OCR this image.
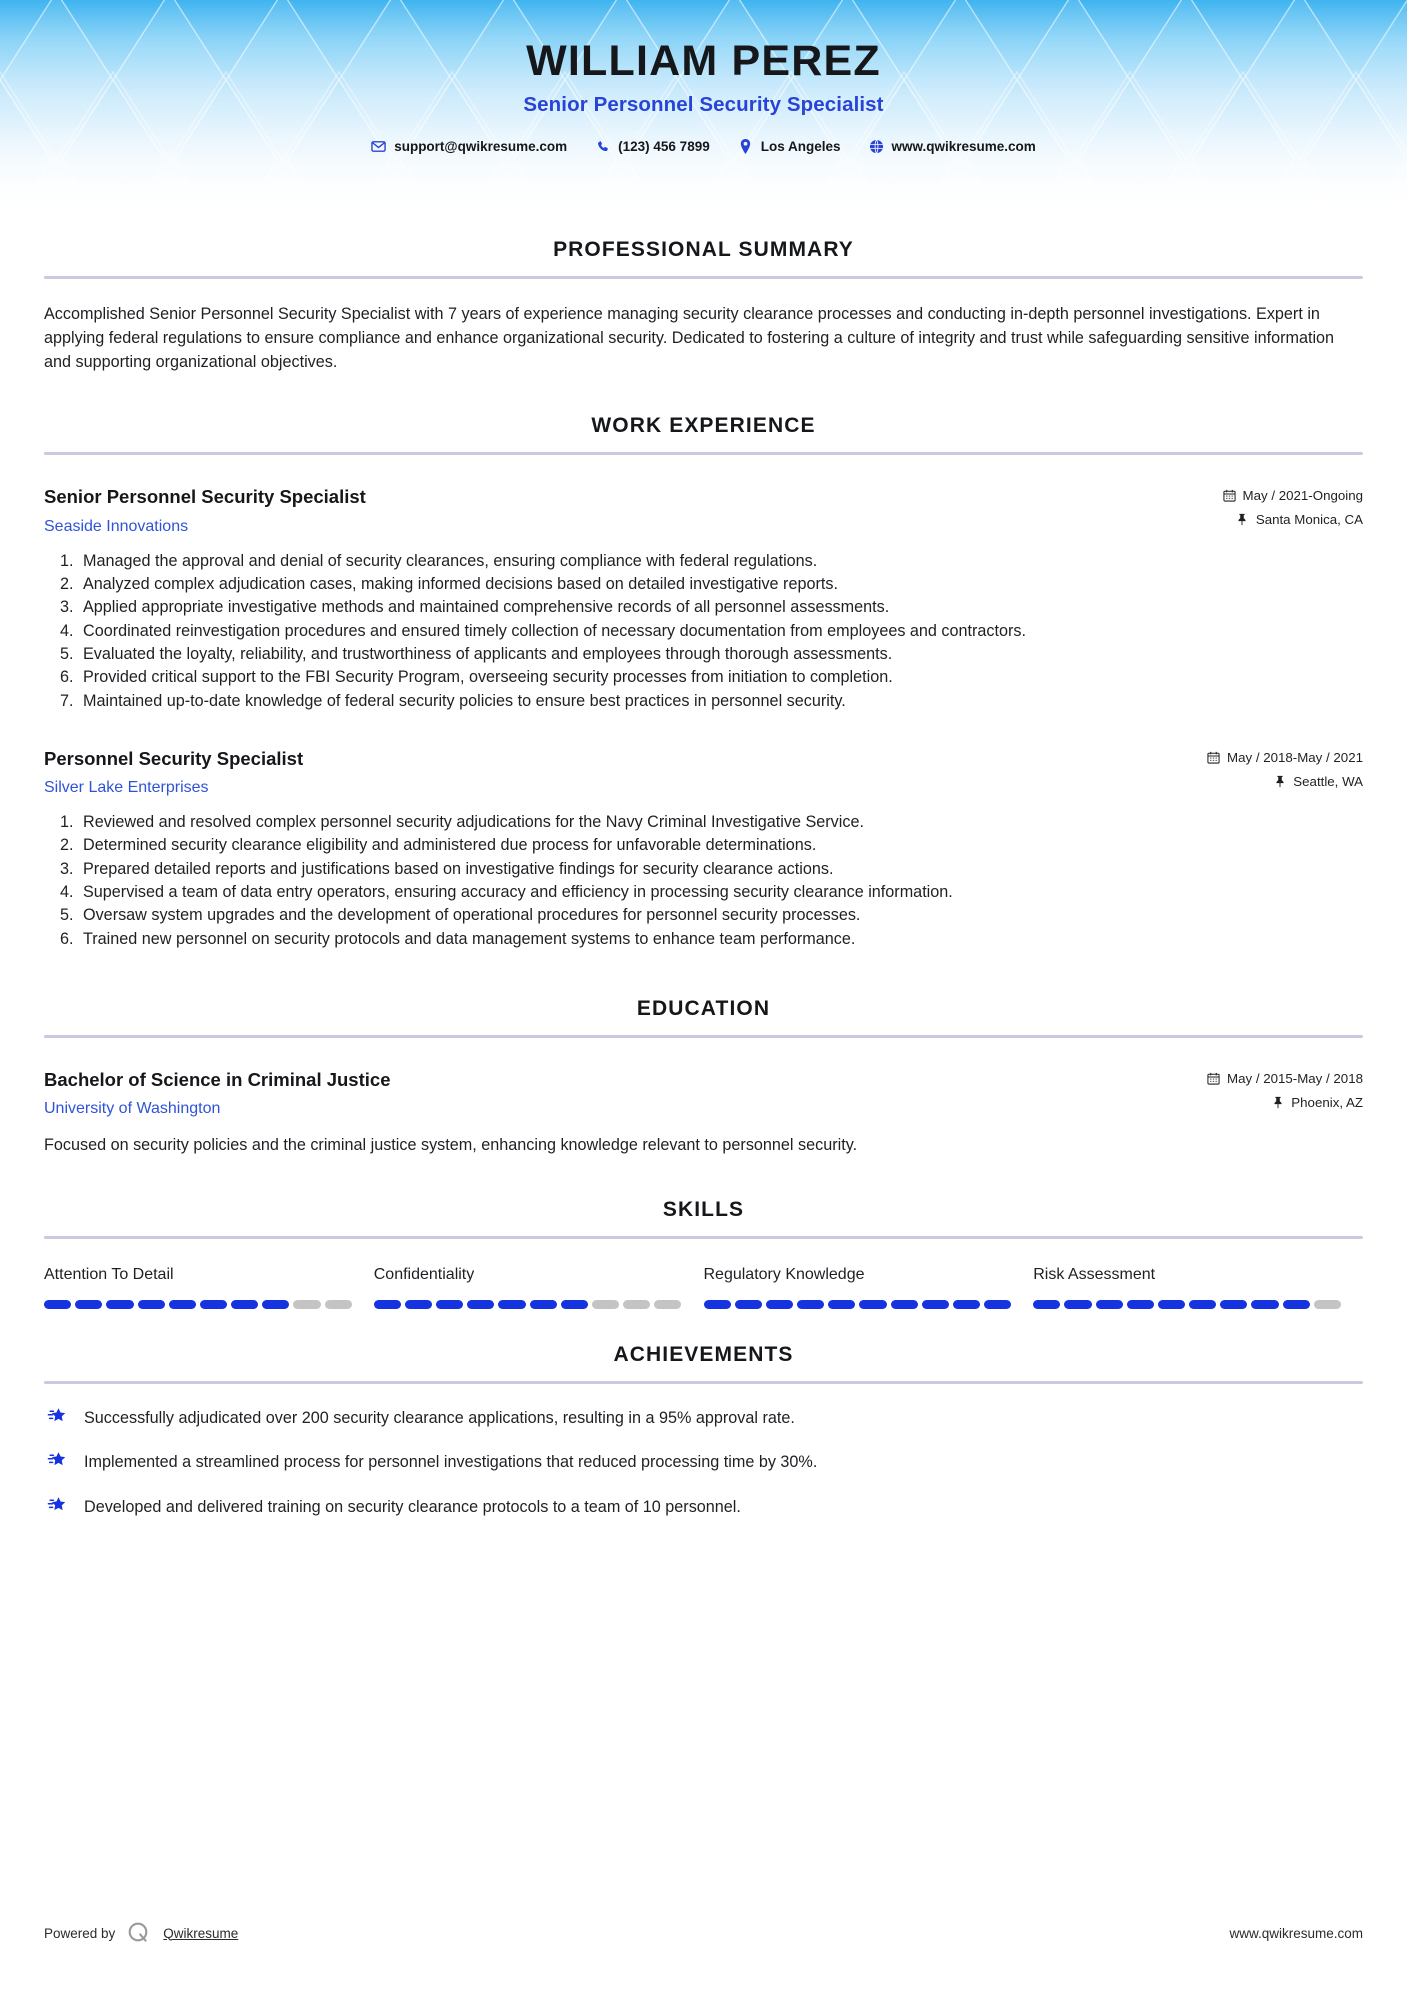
WILLIAM PEREZ
Senior Personnel Security Specialist
support@qwikresume.com	(123) 456 7899	Los Angeles	www.qwikresume.com
PROFESSIONAL SUMMARY
Accomplished Senior Personnel Security Specialist with 7 years of experience managing security clearance processes and conducting in-depth personnel investigations. Expert in applying federal regulations to ensure compliance and enhance organizational security. Dedicated to fostering a culture of integrity and trust while safeguarding sensitive information and supporting organizational objectives.
WORK EXPERIENCE
Senior Personnel Security Specialist
Seaside Innovations
May / 2021-Ongoing
Santa Monica, CA
1. Managed the approval and denial of security clearances, ensuring compliance with federal regulations.
2. Analyzed complex adjudication cases, making informed decisions based on detailed investigative reports.
3. Applied appropriate investigative methods and maintained comprehensive records of all personnel assessments.
4. Coordinated reinvestigation procedures and ensured timely collection of necessary documentation from employees and contractors.
5. Evaluated the loyalty, reliability, and trustworthiness of applicants and employees through thorough assessments.
6. Provided critical support to the FBI Security Program, overseeing security processes from initiation to completion.
7. Maintained up-to-date knowledge of federal security policies to ensure best practices in personnel security.
Personnel Security Specialist
Silver Lake Enterprises
May / 2018-May / 2021
Seattle, WA
1. Reviewed and resolved complex personnel security adjudications for the Navy Criminal Investigative Service.
2. Determined security clearance eligibility and administered due process for unfavorable determinations.
3. Prepared detailed reports and justifications based on investigative findings for security clearance actions.
4. Supervised a team of data entry operators, ensuring accuracy and efficiency in processing security clearance information.
5. Oversaw system upgrades and the development of operational procedures for personnel security processes.
6. Trained new personnel on security protocols and data management systems to enhance team performance.
EDUCATION
Bachelor of Science in Criminal Justice
University of Washington
May / 2015-May / 2018
Phoenix, AZ
Focused on security policies and the criminal justice system, enhancing knowledge relevant to personnel security.
SKILLS
Attention To Detail	Confidentiality	Regulatory Knowledge	Risk Assessment
ACHIEVEMENTS
Successfully adjudicated over 200 security clearance applications, resulting in a 95% approval rate.
Implemented a streamlined process for personnel investigations that reduced processing time by 30%.
Developed and delivered training on security clearance protocols to a team of 10 personnel.
Powered by	Qwikresume	www.qwikresume.com
